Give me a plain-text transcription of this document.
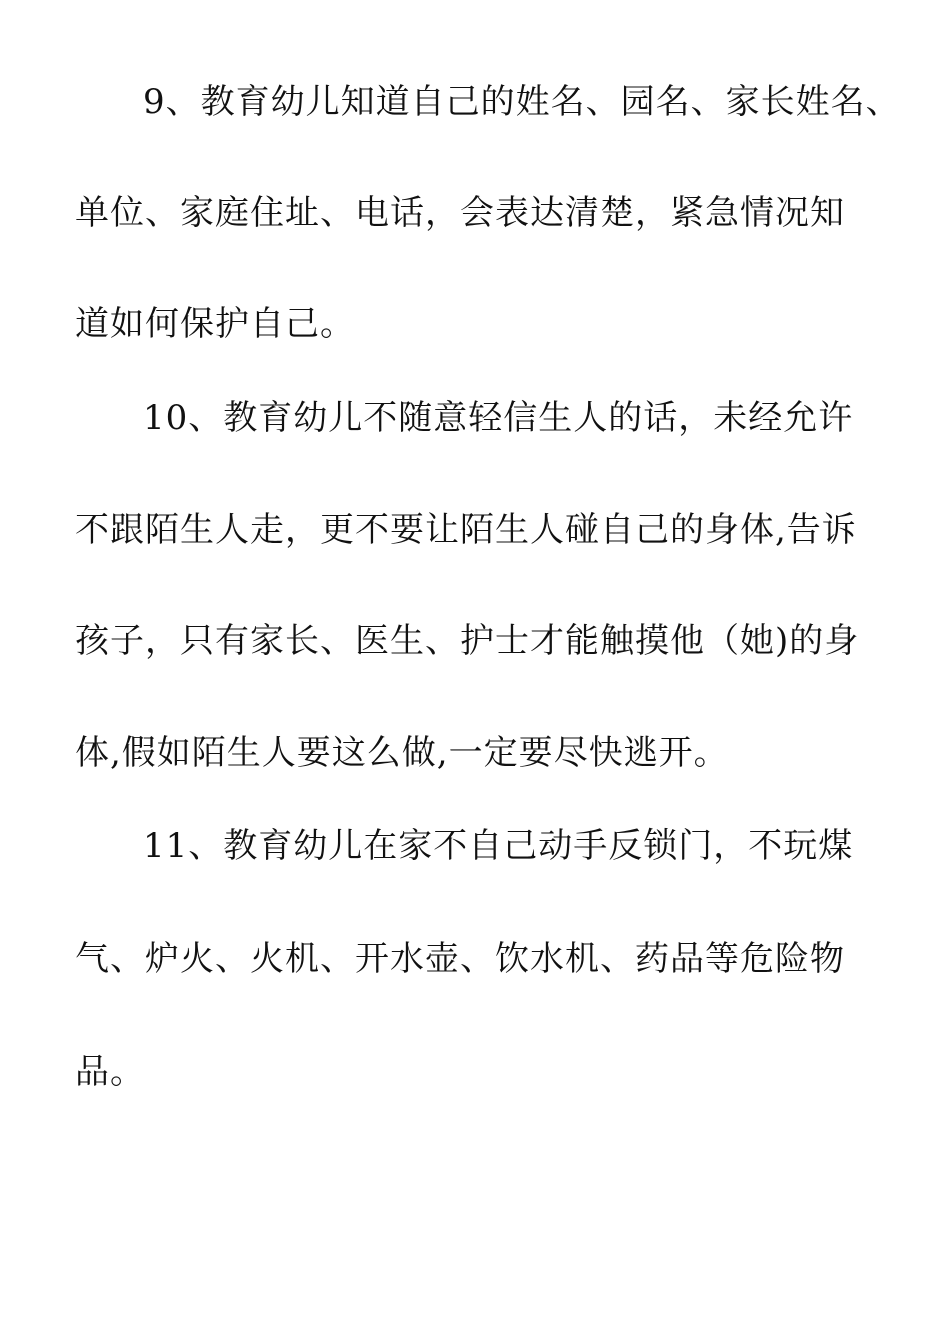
9、教育幼儿知道自己的姓名、园名、家长姓名、
单位、家庭住址、电话，会表达清楚，紧急情况知
道如何保护自己。
10、教育幼儿不随意轻信生人的话，未经允许
不跟陌生人走，更不要让陌生人碰自己的身体,告诉
孩子，只有家长、医生、护士才能触摸他（她)的身
体,假如陌生人要这么做,一定要尽快逃开。
11、教育幼儿在家不自己动手反锁门，不玩煤
气、炉火、火机、开水壶、饮水机、药品等危险物
品。
